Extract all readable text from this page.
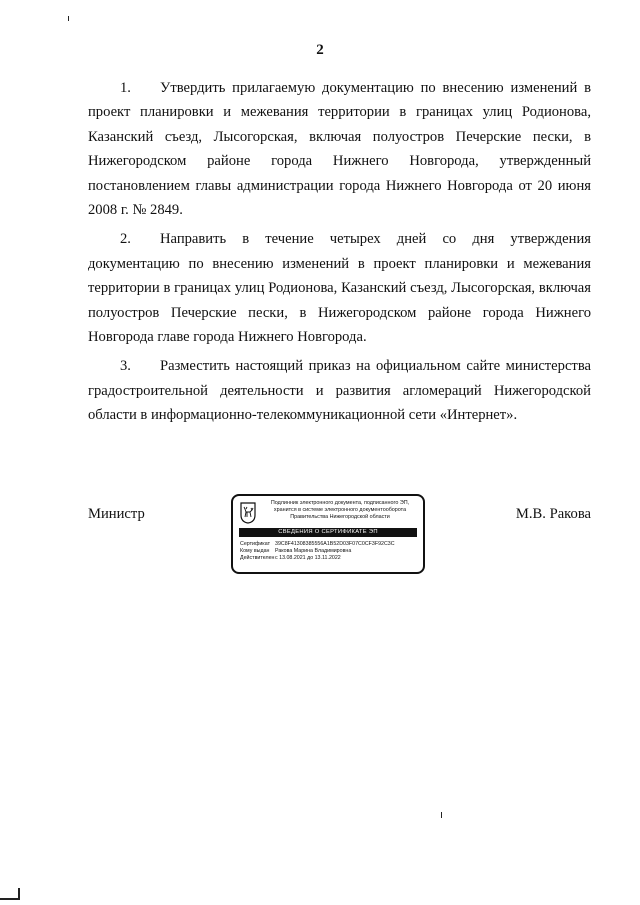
2

1. Утвердить прилагаемую документацию по внесению изменений в проект планировки и межевания территории в границах улиц Родионова, Казанский съезд, Лысогорская, включая полуостров Печерские пески, в Нижегородском районе города Нижнего Новгорода, утвержденный постановлением главы администрации города Нижнего Новгорода от 20 июня 2008 г. № 2849.

2. Направить в течение четырех дней со дня утверждения документацию по внесению изменений в проект планировки и межевания территории в границах улиц Родионова, Казанский съезд, Лысогорская, включая полуостров Печерские пески, в Нижегородском районе города Нижнего Новгорода главе города Нижнего Новгорода.

3. Разместить настоящий приказ на официальном сайте министерства градостроительной деятельности и развития агломераций Нижегородской области в информационно-телекоммуникационной сети «Интернет».

Министр
Подлинник электронного документа, подписанного ЭП,
хранится в системе электронного документооборота
Правительства Нижегородской области
СВЕДЕНИЯ О СЕРТИФИКАТЕ ЭП
Сертификат 39C8F41308385556A1B52D03F07C0CF3F92C3C
Кому выдан Ракова Марина Владимировна
Действителенс 13.08.2021 до 13.11.2022
М.В. Ракова
